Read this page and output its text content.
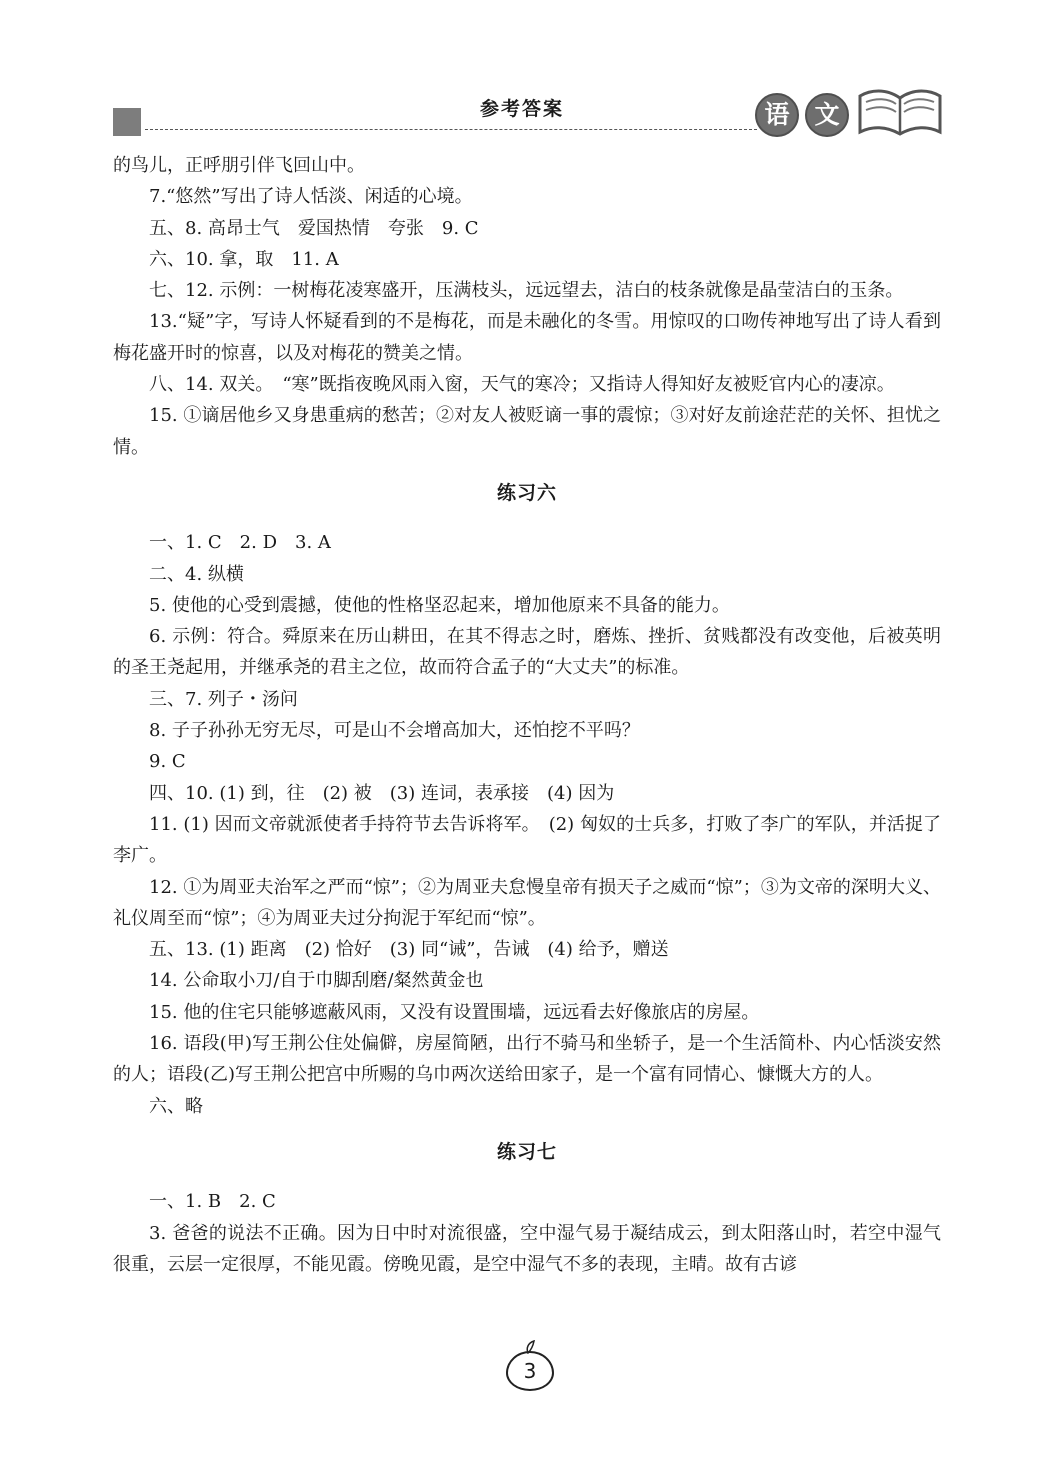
参考答案	语 文

的鸟儿，正呼朋引伴飞回山中。

7.“悠然”写出了诗人恬淡、闲适的心境。

五、8. 高昂士气　爱国热情　夸张　9. C

六、10. 拿，取　11. A

七、12. 示例：一树梅花凌寒盛开，压满枝头，远远望去，洁白的枝条就像是晶莹洁白的玉条。

13.“疑”字，写诗人怀疑看到的不是梅花，而是未融化的冬雪。用惊叹的口吻传神地写出了诗人看到梅花盛开时的惊喜，以及对梅花的赞美之情。

八、14. 双关。　“寒”既指夜晚风雨入窗，天气的寒冷；又指诗人得知好友被贬官内心的凄凉。

15. ①谪居他乡又身患重病的愁苦；②对友人被贬谪一事的震惊；③对好友前途茫茫的关怀、担忧之情。

练习六

一、1. C　2. D　3. A

二、4. 纵横

5. 使他的心受到震撼，使他的性格坚忍起来，增加他原来不具备的能力。

6. 示例：符合。舜原来在历山耕田，在其不得志之时，磨炼、挫折、贫贱都没有改变他，后被英明的圣王尧起用，并继承尧的君主之位，故而符合孟子的“大丈夫”的标准。

三、7. 列子・汤问

8. 子子孙孙无穷无尽，可是山不会增高加大，还怕挖不平吗？

9. C

四、10. (1) 到，往　(2) 被　(3) 连词，表承接　(4) 因为

11. (1) 因而文帝就派使者手持符节去告诉将军。　(2) 匈奴的士兵多，打败了李广的军队，并活捉了李广。

12. ①为周亚夫治军之严而“惊”；②为周亚夫怠慢皇帝有损天子之威而“惊”；③为文帝的深明大义、礼仪周至而“惊”；④为周亚夫过分拘泥于军纪而“惊”。

五、13. (1) 距离　(2) 恰好　(3) 同“诫”，告诫　(4) 给予，赠送

14. 公命取小刀/自于巾脚刮磨/粲然黄金也

15. 他的住宅只能够遮蔽风雨，又没有设置围墙，远远看去好像旅店的房屋。

16. 语段(甲)写王荆公住处偏僻，房屋简陋，出行不骑马和坐轿子，是一个生活简朴、内心恬淡安然的人；语段(乙)写王荆公把宫中所赐的乌巾两次送给田家子，是一个富有同情心、慷慨大方的人。

六、略

练习七

一、1. B　2. C

3. 爸爸的说法不正确。因为日中时对流很盛，空中湿气易于凝结成云，到太阳落山时，若空中湿气很重，云层一定很厚，不能见霞。傍晚见霞，是空中湿气不多的表现，主晴。故有古谚

3
